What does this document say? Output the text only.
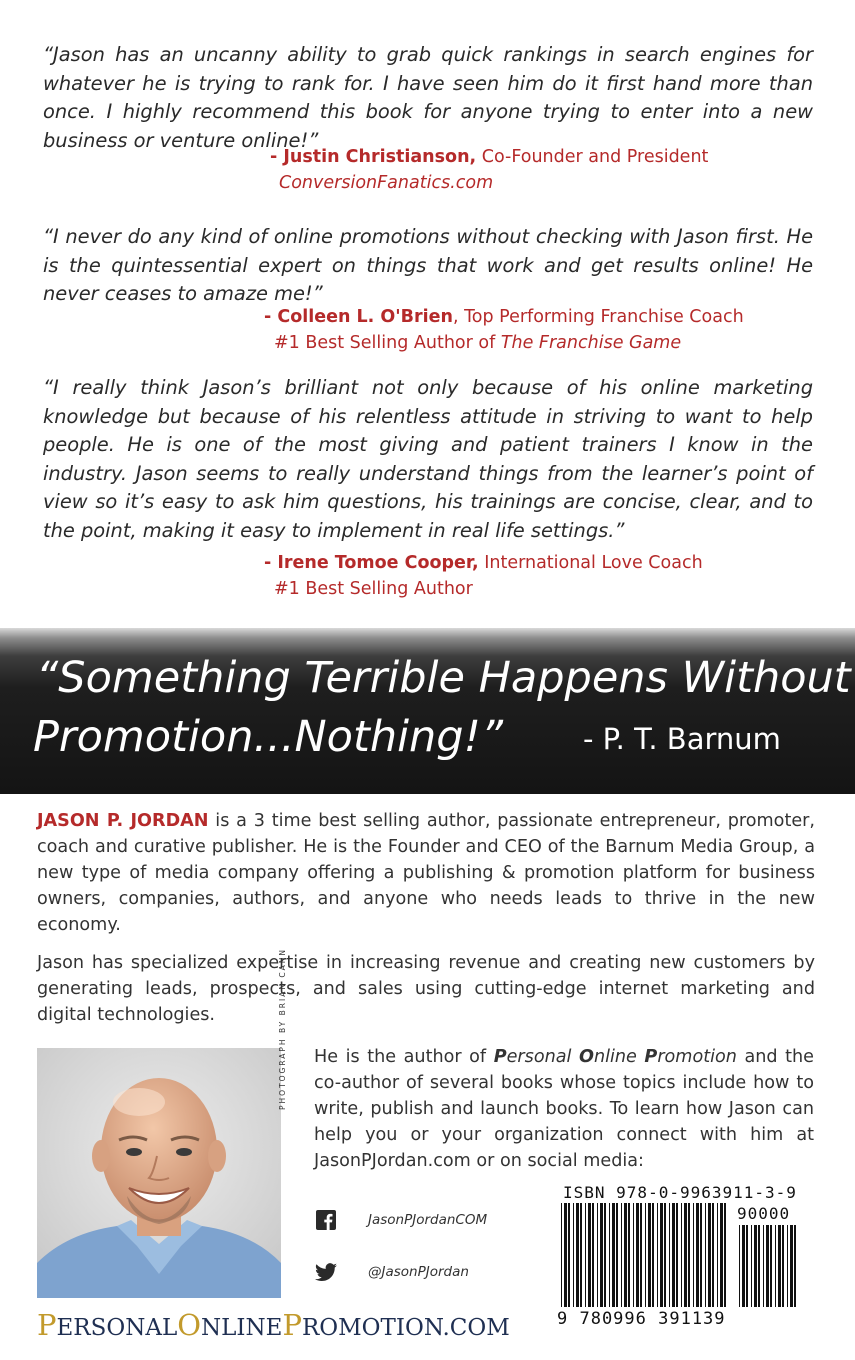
“Jason has an uncanny ability to grab quick rankings in search engines for whatever he is trying to rank for. I have seen him do it first hand more than once. I highly recommend this book for anyone trying to enter into a new business or venture online!”
- Justin Christianson, Co-Founder and President
ConversionFanatics.com
“I never do any kind of online promotions without checking with Jason first. He is the quintessential expert on things that work and get results online! He never ceases to amaze me!”
- Colleen L. O'Brien, Top Performing Franchise Coach
#1 Best Selling Author of The Franchise Game
“I really think Jason’s brilliant not only because of his online marketing knowledge but because of his relentless attitude in striving to want to help people. He is one of the most giving and patient trainers I know in the industry. Jason seems to really understand things from the learner’s point of view so it’s easy to ask him questions, his trainings are concise, clear, and to the point, making it easy to implement in real life settings.”
- Irene Tomoe Cooper, International Love Coach
#1 Best Selling Author
“Something Terrible Happens Without
Promotion...Nothing!”	- P. T. Barnum
JASON P. JORDAN is a 3 time best selling author, passionate entrepreneur, promoter, coach and curative publisher. He is the Founder and CEO of the Barnum Media Group, a new type of media company offering a publishing & promotion platform for business owners, companies, authors, and anyone who needs leads to thrive in the new economy.
Jason has specialized expertise in increasing revenue and creating new customers by generating leads, prospects, and sales using cutting-edge internet marketing and digital technologies.	PHOTOGRAPH BY BRIAN CANN He is the author of Personal Online Promotion and the co-author of several books whose topics include how to write, publish and launch books. To learn how Jason can help you or your organization connect with him at JasonPJordan.com or on social media:
JasonPJordanCOM
@JasonPJordan
PERSONALONLINEPROMOTION.COM
ISBN 978-0-9963911-3-9
90000
9 780996 391139
